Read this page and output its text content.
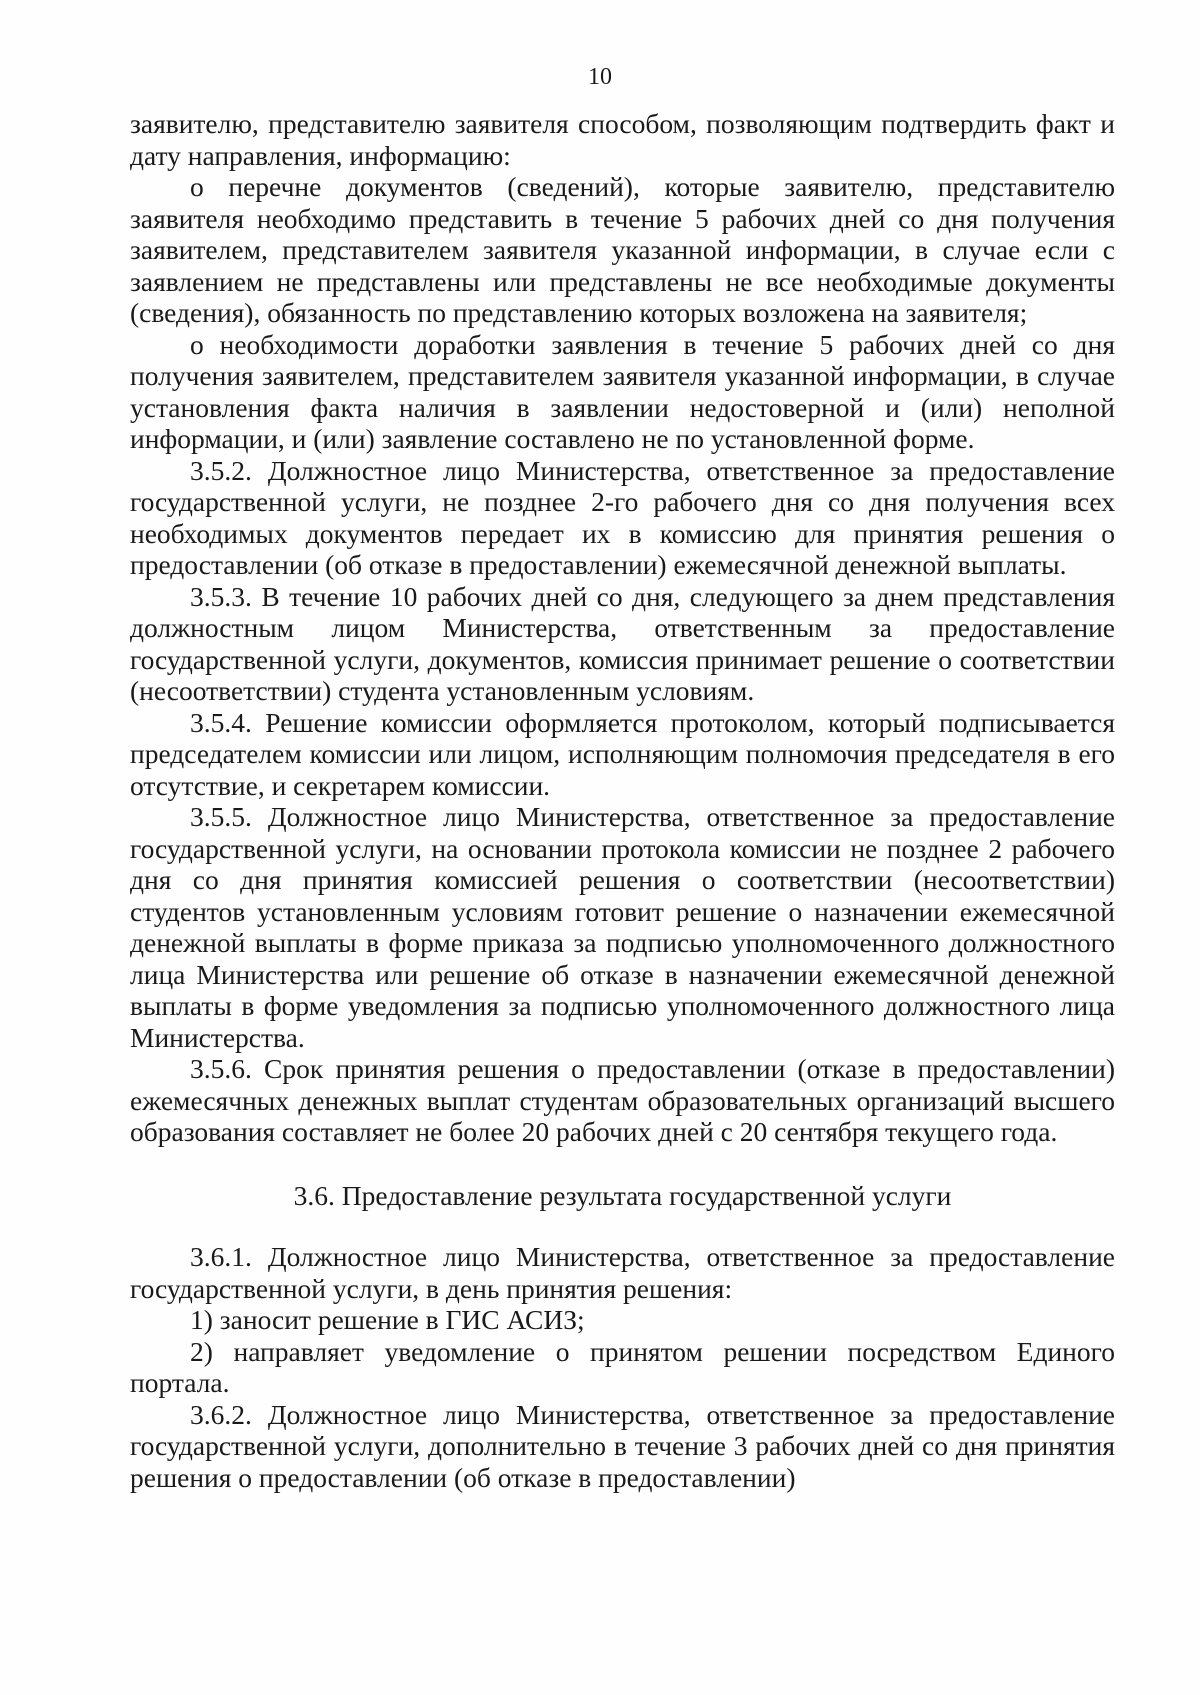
10

заявителю, представителю заявителя способом, позволяющим подтвердить факт и дату направления, информацию:

о перечне документов (сведений), которые заявителю, представителю заявителя необходимо представить в течение 5 рабочих дней со дня получения заявителем, представителем заявителя указанной информации, в случае если с заявлением не представлены или представлены не все необходимые документы (сведения), обязанность по представлению которых возложена на заявителя;

о необходимости доработки заявления в течение 5 рабочих дней со дня получения заявителем, представителем заявителя указанной информации, в случае установления факта наличия в заявлении недостоверной и (или) неполной информации, и (или) заявление составлено не по установленной форме.

3.5.2. Должностное лицо Министерства, ответственное за предоставление государственной услуги, не позднее 2-го рабочего дня со дня получения всех необходимых документов передает их в комиссию для принятия решения о предоставлении (об отказе в предоставлении) ежемесячной денежной выплаты.

3.5.3. В течение 10 рабочих дней со дня, следующего за днем представления должностным лицом Министерства, ответственным за предоставление государственной услуги, документов, комиссия принимает решение о соответствии (несоответствии) студента установленным условиям.

3.5.4. Решение комиссии оформляется протоколом, который подписывается председателем комиссии или лицом, исполняющим полномочия председателя в его отсутствие, и секретарем комиссии.

3.5.5. Должностное лицо Министерства, ответственное за предоставление государственной услуги, на основании протокола комиссии не позднее 2 рабочего дня со дня принятия комиссией решения о соответствии (несоответствии) студентов установленным условиям готовит решение о назначении ежемесячной денежной выплаты в форме приказа за подписью уполномоченного должностного лица Министерства или решение об отказе в назначении ежемесячной денежной выплаты в форме уведомления за подписью уполномоченного должностного лица Министерства.

3.5.6. Срок принятия решения о предоставлении (отказе в предоставлении) ежемесячных денежных выплат студентам образовательных организаций высшего образования составляет не более 20 рабочих дней с 20 сентября текущего года.

3.6. Предоставление результата государственной услуги

3.6.1. Должностное лицо Министерства, ответственное за предоставление государственной услуги, в день принятия решения:

1) заносит решение в ГИС АСИЗ;

2) направляет уведомление о принятом решении посредством Единого портала.

3.6.2. Должностное лицо Министерства, ответственное за предоставление государственной услуги, дополнительно в течение 3 рабочих дней со дня принятия решения о предоставлении (об отказе в предоставлении)
